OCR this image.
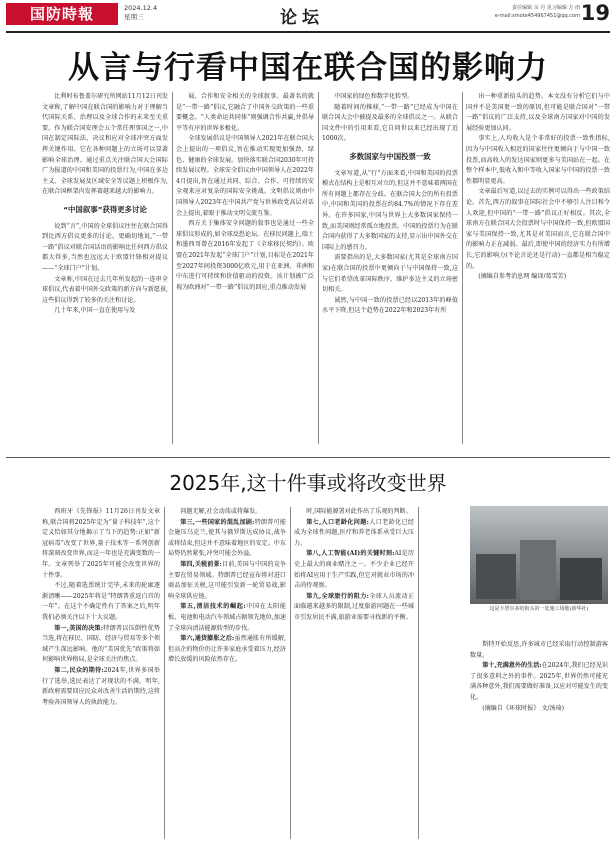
国防時報	2024.12.4
星期三	论坛	责任编辑 余 丹 见习编辑 方 雨
e-mail:smote454967451@qq.com 19
从言与行看中国在联合国的影响力

比利时布鲁盖尔研究所网站11月12日刊发文章称,了解中国在联合国的影响力对于理解当代国际关系、治理以及全球合作的未来至关重要。作为联合国安理会五个常任理事国之一,中国在制定国际法、决议和应对全球冲突方面发挥关键作用。它在各种问题上的立场可以显著影响全球治理。通过重点关注联合国大会国际广为报道的中国和美国的投票行为,中国在多边主义、全球发展及区域安全等议题上积极作为,在联合国框架内发挥着越来越大的影响力。

“中国叙事”获得更多讨论

说到“言”,中国的全球倡议往往在联合国得到比西方倡议更多的讨论。更确切地说,“一带一路”倡议对联合国话语的影响比任何西方倡议都大得多,当然也远远大于欧盟针锋相对提议——“全球门户”计划。

文章称,中国在过去几年所发起的一连串全球倡议,代表着中国外交政策的新方向与新愿景,这些倡议得到了较多的关注和讨论。

几十年来,中国一直在使用与发

展、合作和安全相关的全球叙事。最著名的就是“一带一路”倡议,它融合了中国外交政策的一些重要概念。“人类命运共同体”则强调合作共赢,并倡导平等有序的世界多极化。

全球发展倡议是中国领导人2021年在联合国大会上提出的一项倡议,旨在推动实现更加强劲、绿色、健康的全球发展。加快落实联合国2030年可持续发展议程。全球安全倡议由中国领导人在2022年4月提出,旨在通过共同、综合、合作、可持续的安全观来应对复杂的国际安全挑战。文明倡议则由中国领导人2023年在中国共产党与世界政党高层对话会上提出,着眼于推动文明交流互鉴。

西方关于集体安全问题的叙事也是通过一些全球倡议形成的,如全球反恐论坛。在移民问题上,瑞士和墨西哥曾在2016年发起了《全球移民契约》。欧盟在2021年发起“全球门户”计划,目标是在2021年至2027年间投资3000亿欧元,用于在亚洲、非洲和中东进行可持续和价值驱动的投资。该计划被广泛视为欧洲对“一带一路”倡议的回应,重点推动发展

中国家的绿色和数字化转型。

随着时间的推移,“一带一路”已经成为中国在联合国大会中被提及最多的全球倡议之一。从联合国文件中的引用来看,它自问世以来已经出现了近1000次。

多数国家与中国投票一致

文章写道,从“行”方面来看,中国和美国的投票模式在结构上是相互对立的,但这并不意味着两国在所有问题上都存在分歧。在联合国大会的所有投票中,中国和美国的投票在约84.7%的情况下存在差异。在许多国家,中国与世界上大多数国家保持一致,而美国则经常孤立地投票。中国的投票行为在联合国内获得了大多数国家的支持,显示出中国外交在国际上的感召力。

需要指出的是,大多数国家(尤其是全球南方国家)在联合国的投票中更倾向于与中国保持一致,这与它们希望改革国际秩序、维护多边主义的立场密切相关。

诚然,与中国一致的投票已经以2013年的峰值水平下降,但这个趋势在2022年和2023年有所

出一种重新拾头的趋势。本文没有分析它们与中国并不是美国更一致的原因,但可能是联合国对“一带一路”倡议的广泛支持,以及全球南方国家对中国的发展经验更加认同。

事实上,人均收入是个非常好的投票一致性指标,因为与中国收入相近的国家往往更倾向于与中国一致投票,而高收入的发达国家则更多与美国站在一起。在整个样本中,低收入和中等收入国家与中国的投票一致性都明显更高。

文章最后写道,以过去的实例可以得出一些政策结论。首先,西方的叙事在国际社会中不够引人注目和令人欢迎,但中国的“一带一路”倡议正好相反。其次,全球南方在联合国大会投票时与中国保持一致,但欧盟国家与美国保持一致,尤其是对美国而言,它在联合国中的影响力正在减弱。最后,即使中国的经济实力有所增长,它的影响力(不论言论还是行动)一直都是相当稳定的。

(摘编自参考消息网 编译/葛雪芳)

2025年,这十件事或将改变世界

西班牙《先锋报》11月26日刊发文章称,联合国将2025年定为“量子科技年”,这个定义恰如其分地揭示了当下的趋势:正如“新冠病毒”改变了世界,量子技术等一系列创新将深刻改变世界,而这一年也是充满变数的一年。文章列举了2025年可能会改变世界的十件事。

不过,随着选票统计完毕,未来的轮廓逐渐清晰——2025年将是“特朗普重返白宫的一年”。在这个不确定性有了答案之后,明年我们必须关注以下十大议题。

第一,美国的决策:特朗普以压倒性优势当选,将在移民、国防、经济与贸易等多个领域产生深远影响。他的“美国优先”政策将如何影响世界格局,是全球关注的焦点。

第二,民众的期待:2024年,世界多国举行了选举,选民表达了对现状的不满。明年,新政府需要回应民众对改善生活的期待,这将考验各国领导人的执政能力。

问题无解,社会动荡或将爆发。

第三,一些国家的混乱加剧:特朗普可能会施压乌克兰,使其与俄罗斯达成协议,战争或将结束,但这并不意味着地区的安定。中东局势仍然紧张,冲突可能会外溢。

第四,关税前景:目前,美国与中国的竞争主要在贸易领域。特朗普已经宣布将对进口商品加征关税,这可能引发新一轮贸易战,影响全球供应链。

第五,清洁技术的崛起:中国在太阳能板、电池和电动汽车领域占据领先地位,加速了全球向清洁能源转型的步伐。

第六,通货膨胀之后:虽然通胀有所缓解,但高企的物价仍让许多家庭承受着压力,经济增长放缓的风险依然存在。

时,国际能源署对此作出了乐观的判断。

第七,人口老龄化问题:人口老龄化已经成为全球性问题,医疗和养老体系承受巨大压力。

第八,人工智能(AI)的关键时刻:AI是历史上最大的商业赌注之一。不少企业已经开始将AI应用于生产实践,但它对就业市场的冲击尚待观察。

第九,全球旅行的阻力:全球人员流动正面临越来越多的限制,过度旅游问题在一些城市引发居民不满,旅游业需要寻找新的平衡。

斯特开始反思,许多城市已经采取行动控制游客数量。

第十,充满意外的生活:在2024年,我们已经见识了很多意料之外的事件。2025年,世界仍然可能充满各种意外,我们需要做好准备,以应对可能发生的变化。

(摘编自《环球时报》 文/汤琦)

这是卡塔尔多哈街头的一处施工场地(新华社)
